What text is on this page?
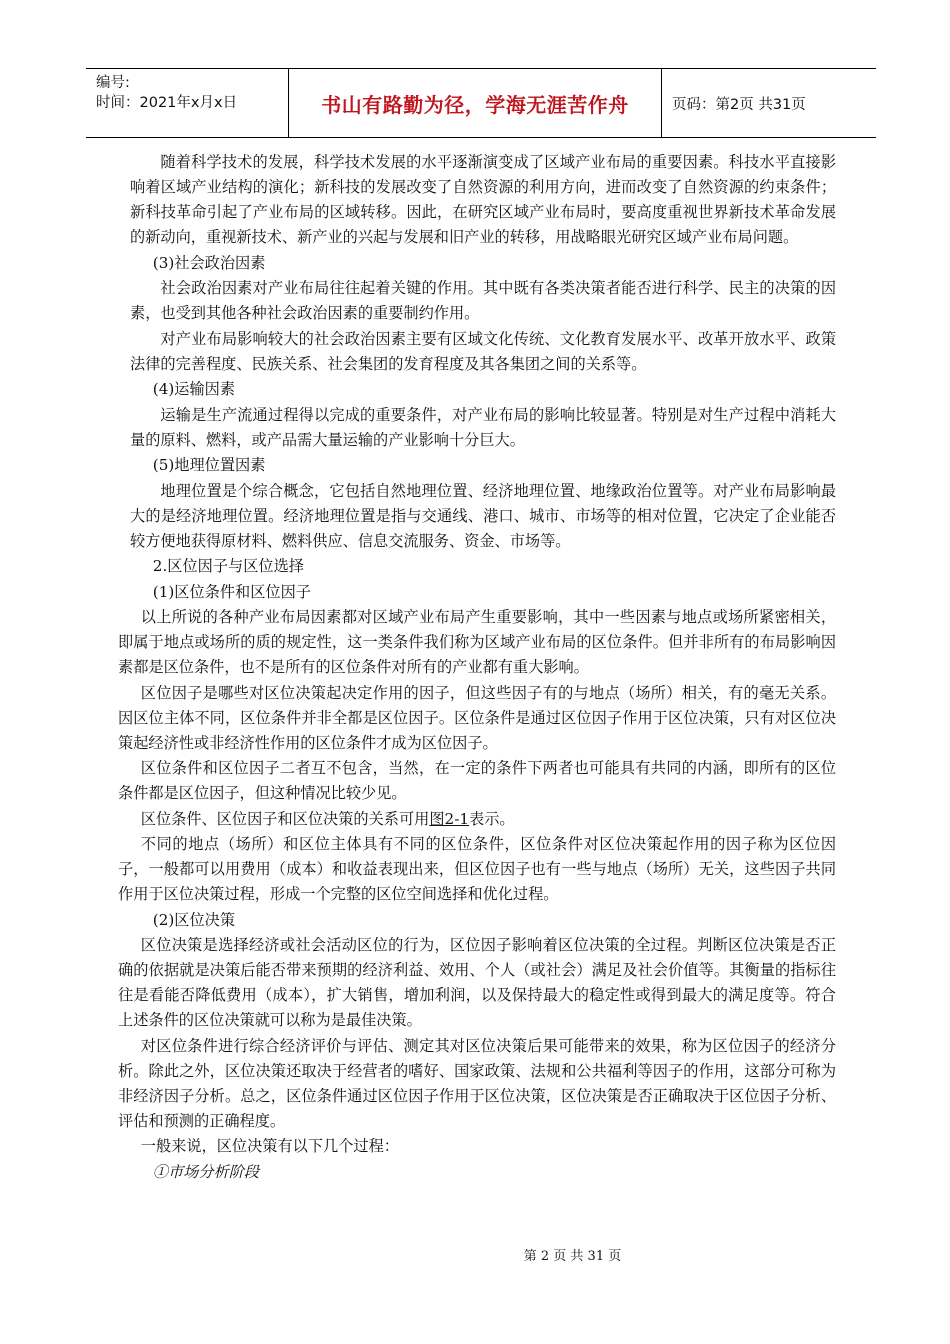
编号:
时间：2021年x月x日	书山有路勤为径，学海无涯苦作舟	页码：第2页 共31页

随着科学技术的发展，科学技术发展的水平逐渐演变成了区域产业布局的重要因素。科技水平直接影响着区域产业结构的演化；新科技的发展改变了自然资源的利用方向，进而改变了自然资源的约束条件；新科技革命引起了产业布局的区域转移。因此，在研究区域产业布局时，要高度重视世界新技术革命发展的新动向，重视新技术、新产业的兴起与发展和旧产业的转移，用战略眼光研究区域产业布局问题。

(3)社会政治因素

社会政治因素对产业布局往往起着关键的作用。其中既有各类决策者能否进行科学、民主的决策的因素，也受到其他各种社会政治因素的重要制约作用。

对产业布局影响较大的社会政治因素主要有区域文化传统、文化教育发展水平、改革开放水平、政策法律的完善程度、民族关系、社会集团的发育程度及其各集团之间的关系等。

(4)运输因素

运输是生产流通过程得以完成的重要条件，对产业布局的影响比较显著。特别是对生产过程中消耗大量的原料、燃料，或产品需大量运输的产业影响十分巨大。

(5)地理位置因素

地理位置是个综合概念，它包括自然地理位置、经济地理位置、地缘政治位置等。对产业布局影响最大的是经济地理位置。经济地理位置是指与交通线、港口、城市、市场等的相对位置，它决定了企业能否较方便地获得原材料、燃料供应、信息交流服务、资金、市场等。

2.区位因子与区位选择

(1)区位条件和区位因子

以上所说的各种产业布局因素都对区域产业布局产生重要影响，其中一些因素与地点或场所紧密相关，即属于地点或场所的质的规定性，这一类条件我们称为区域产业布局的区位条件。但并非所有的布局影响因素都是区位条件，也不是所有的区位条件对所有的产业都有重大影响。

区位因子是哪些对区位决策起决定作用的因子，但这些因子有的与地点（场所）相关，有的毫无关系。因区位主体不同，区位条件并非全都是区位因子。区位条件是通过区位因子作用于区位决策，只有对区位决策起经济性或非经济性作用的区位条件才成为区位因子。

区位条件和区位因子二者互不包含，当然，在一定的条件下两者也可能具有共同的内涵，即所有的区位条件都是区位因子，但这种情况比较少见。

区位条件、区位因子和区位决策的关系可用图2-1表示。

不同的地点（场所）和区位主体具有不同的区位条件，区位条件对区位决策起作用的因子称为区位因子，一般都可以用费用（成本）和收益表现出来，但区位因子也有一些与地点（场所）无关，这些因子共同作用于区位决策过程，形成一个完整的区位空间选择和优化过程。

(2)区位决策

区位决策是选择经济或社会活动区位的行为，区位因子影响着区位决策的全过程。判断区位决策是否正确的依据就是决策后能否带来预期的经济利益、效用、个人（或社会）满足及社会价值等。其衡量的指标往往是看能否降低费用（成本），扩大销售，增加利润，以及保持最大的稳定性或得到最大的满足度等。符合上述条件的区位决策就可以称为是最佳决策。

对区位条件进行综合经济评价与评估、测定其对区位决策后果可能带来的效果，称为区位因子的经济分析。除此之外，区位决策还取决于经营者的嗜好、国家政策、法规和公共福利等因子的作用，这部分可称为非经济因子分析。总之，区位条件通过区位因子作用于区位决策，区位决策是否正确取决于区位因子分析、评估和预测的正确程度。

一般来说，区位决策有以下几个过程：

①市场分析阶段

第 2 页 共 31 页
